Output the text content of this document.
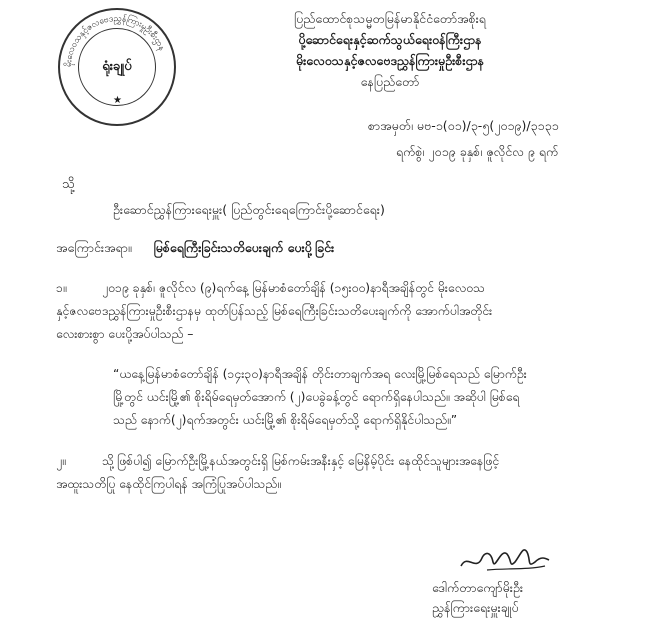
မိုးလေဝသနှင့်ဇလဗေဒညွှန်ကြားမှုဦးစီးဌာန
ရုံးချုပ်
★
ပြည်ထောင်စုသမ္မတမြန်မာနိုင်ငံတော်အစိုးရ
ပို့ဆောင်ရေးနှင့်ဆက်သွယ်ရေးဝန်ကြီးဌာန
မိုးလေဝသနှင့်ဇလဗေဒညွှန်ကြားမှုဦးစီးဌာန
နေပြည်တော်
စာအမှတ်၊ မဗ-၁(၀၁)/၃-၅(၂၀၁၉)/၃၁၃၁
ရက်စွဲ၊ ၂၀၁၉ ခုနှစ်၊ ဇူလိုင်လ ၉ ရက်
သို့
ဦးဆောင်ညွှန်ကြားရေးမှူး( ပြည်တွင်းရေကြောင်းပို့ဆောင်ရေး)
အကြောင်းအရာ။ မြစ်ရေကြီးခြင်းသတိပေးချက် ပေးပို့ခြင်း
၁။	၂၀၁၉ ခုနှစ်၊ ဇူလိုင်လ (၉)ရက်နေ့ မြန်မာစံတော်ချိန် (၁၅း၀၀)နာရီအချိန်တွင် မိုးလေဝသ
နှင့်ဇလဗေဒညွှန်ကြားမှုဦးစီးဌာနမှ ထုတ်ပြန်သည့် မြစ်ရေကြီးခြင်းသတိပေးချက်ကို အောက်ပါအတိုင်း
လေးစားစွာ ပေးပို့အပ်ပါသည် –
“ယနေ့မြန်မာစံတော်ချိန် (၁၄း၃၀)နာရီအချိန် တိုင်းတာချက်အရ လေးမြို့မြစ်ရေသည် မြောက်ဦး
မြို့တွင် ယင်းမြို့၏ စိုးရိမ်ရေမှတ်အောက် (၂)ပေခွဲခန့်တွင် ရောက်ရှိနေပါသည်။ အဆိုပါ မြစ်ရေ
သည် နောက်(၂)ရက်အတွင်း ယင်းမြို့၏ စိုးရိမ်ရေမှတ်သို့ ရောက်ရှိနိုင်ပါသည်။”
၂။	သို့ဖြစ်ပါ၍ မြောက်ဦးမြို့နယ်အတွင်းရှိ မြစ်ကမ်းအနီးနှင့် မြေနိမ့်ပိုင်း နေထိုင်သူများအနေဖြင့်
အထူးသတိပြု နေထိုင်ကြပါရန် အကြံပြုအပ်ပါသည်။
ဒေါက်တာကျော်မိုးဦး
ညွှန်ကြားရေးမှူးချုပ်
